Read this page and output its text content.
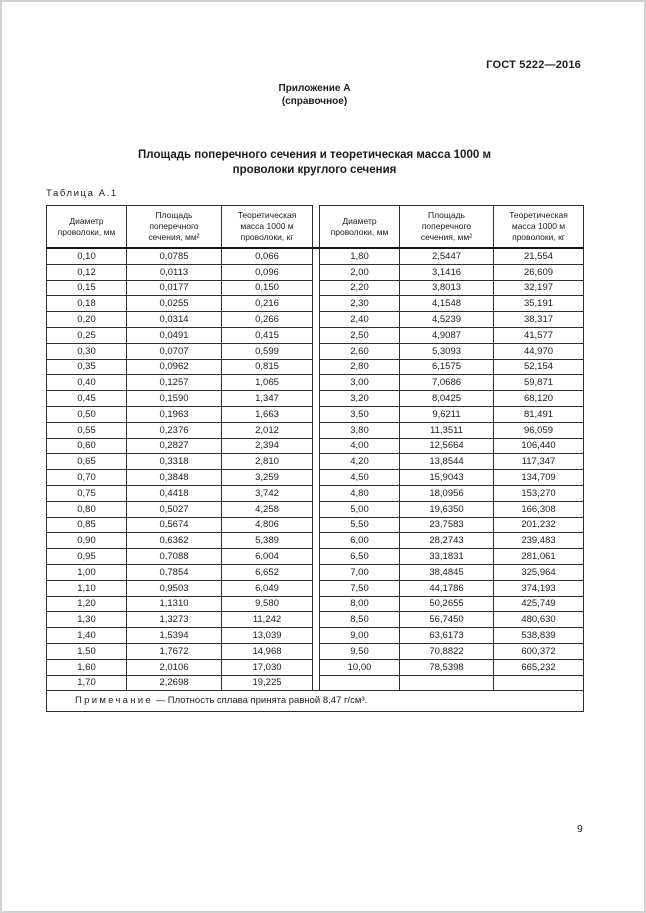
ГОСТ 5222—2016
Приложение А
(справочное)
Площадь поперечного сечения и теоретическая масса 1000 м
проволоки круглого сечения
Таблица А.1
Диаметр
проволоки, мм	Площадь
поперечного
сечения, мм²	Теоретическая
масса 1000 м
проволоки, кг		Диаметр
проволоки, мм	Площадь
поперечного
сечения, мм²	Теоретическая
масса 1000 м
проволоки, кг
0,10	0,0785	0,066		1,80	2,5447	21,554
0,12	0,0113	0,096		2,00	3,1416	26,609
0,15	0,0177	0,150		2,20	3,8013	32,197
0,18	0,0255	0,216		2,30	4,1548	35,191
0,20	0,0314	0,266		2,40	4,5239	38,317
0,25	0,0491	0,415		2,50	4,9087	41,577
0,30	0,0707	0,599		2,60	5,3093	44,970
0,35	0,0962	0,815		2,80	6,1575	52,154
0,40	0,1257	1,065		3,00	7,0686	59,871
0,45	0,1590	1,347		3,20	8,0425	68,120
0,50	0,1963	1,663		3,50	9,6211	81,491
0,55	0,2376	2,012		3,80	11,3511	96,059
0,60	0,2827	2,394		4,00	12,5664	106,440
0,65	0,3318	2,810		4,20	13,8544	117,347
0,70	0,3848	3,259		4,50	15,9043	134,709
0,75	0,4418	3,742		4,80	18,0956	153,270
0,80	0,5027	4,258		5,00	19,6350	166,308
0,85	0,5674	4,806		5,50	23,7583	201,232
0,90	0,6362	5,389		6,00	28,2743	239,483
0,95	0,7088	6,004		6,50	33,1831	281,061
1,00	0,7854	6,652		7,00	38,4845	325,964
1,10	0,9503	6,049		7,50	44,1786	374,193
1,20	1,1310	9,580		8,00	50,2655	425,749
1,30	1,3273	11,242		8,50	56,7450	480,630
1,40	1,5394	13,039		9,00	63,6173	538,839
1,50	1,7672	14,968		9,50	70,8822	600,372
1,60	2,0106	17,030		10,00	78,5398	665,232
1,70	2,2698	19,225				
Примечание — Плотность сплава принята равной 8,47 г/см³.						
9
